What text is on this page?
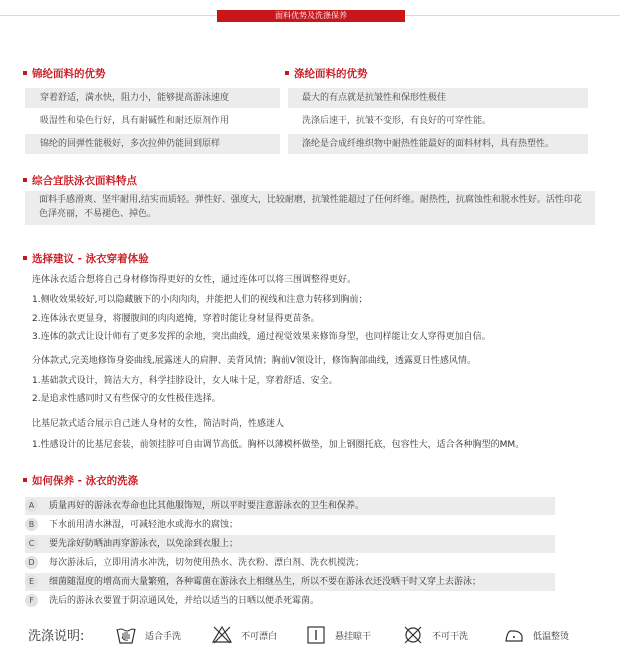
面料优势及洗涤保养
锦纶面料的优势	涤纶面料的优势
穿着舒适，満水快，阻力小，能够提高游泳速度
吸湿性和染色行好，具有耐碱性和耐还原剂作用
锦纶的回弹性能极好，多次拉伸仍能回到原样
最大的有点就是抗皱性和保形性极佳
洗涤后速干，抗皱不变形，有良好的可穿性能。
涤纶是合成纤维织物中耐热性能最好的面料材料，具有热塑性。
综合宜肤泳衣面料特点
面料手感滑爽、坚牢耐用,结实而质轻。弹性好、强度大，比较耐磨，抗皱性能超过了任何纤维。耐热性，抗腐蚀性和脱水性好。活性印花色泽亮丽，不易褪色、掉色。
选择建议 - 泳衣穿着体验
连体泳衣适合想将自己身材修饰得更好的女性，通过连体可以将三围调整得更好。
1.侧收效果较好,可以隐藏腋下的小肉肉肉，并能把人们的视线和注意力转移到胸前；
2.连体泳衣更显身，将腰腹间的肉肉遮掩，穿着时能让身材显得更苗条。
3.连体的款式让设计师有了更多发挥的余地，突出曲线，通过视觉效果来修饰身型，也同样能让女人穿得更加自信。
分体款式,完美地修饰身姿曲线,展露迷人的肩胛、美背风情；胸前V领设计，修饰胸部曲线，透露夏日性感风情。
1.基础款式设计，简洁大方，科学挂脖设计，女人味十足，穿着舒适、安全。
2.是追求性感同时又有些保守的女性极佳选择。
比基尼款式适合展示自己迷人身材的女性，简洁时尚，性感迷人
1.性感设计的比基尼套装，前领挂脖可自由调节高低。胸杯以薄模杯做垫，加上钢圈托底，包容性大，适合各种胸型的MM。
如何保养 - 泳衣的洗涤
A	质量再好的游泳衣寿命也比其他服饰短，所以平时要注意游泳衣的卫生和保养。
B	下水前用清水淋湿，可减轻池水或海水的腐蚀；
C	要先涂好防晒油再穿游泳衣，以免涂到衣服上；
D	每次游泳后，立即用清水冲洗，切勿使用热水、洗衣粉、漂白剂、洗衣机搅洗；
E	细菌随湿度的增高而大量繁殖，各种霉菌在游泳衣上相继丛生，所以不要在游泳衣还没晒干时又穿上去游泳；
F	洗后的游泳衣要置于阴凉通风处，并给以适当的日晒以便杀死霉菌。
洗涤说明:	适合手洗	不可漂白	悬挂晾干	不可干洗	低温整烫
